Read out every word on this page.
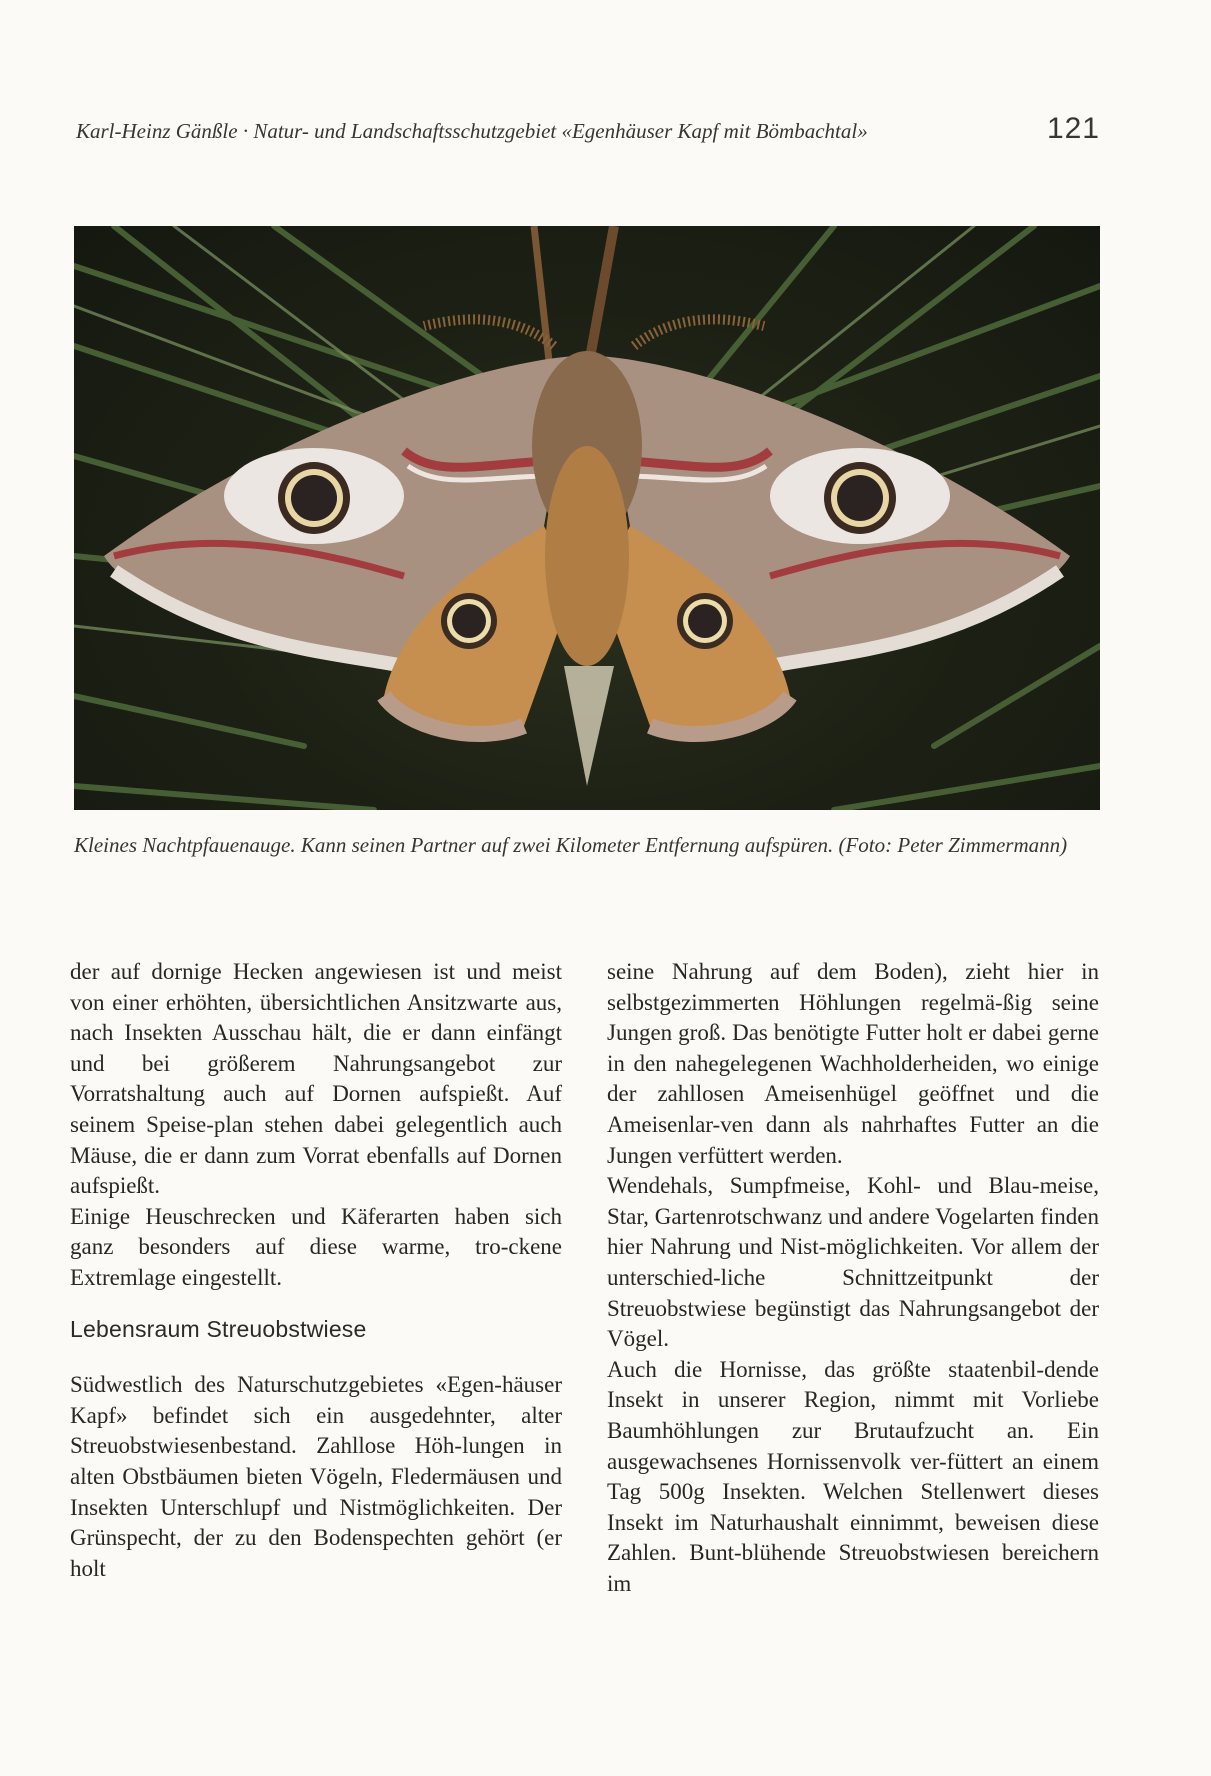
Karl-Heinz Gänßle · Natur- und Landschaftsschutzgebiet «Egenhäuser Kapf mit Bömbachtal»	121
Kleines Nachtpfauenauge. Kann seinen Partner auf zwei Kilometer Entfernung aufspüren. (Foto: Peter Zimmermann)

der auf dornige Hecken angewiesen ist und meist von einer erhöhten, übersichtlichen Ansitzwarte aus, nach Insekten Ausschau hält, die er dann einfängt und bei größerem Nahrungsangebot zur Vorratshaltung auch auf Dornen aufspießt. Auf seinem Speise-plan stehen dabei gelegentlich auch Mäuse, die er dann zum Vorrat ebenfalls auf Dornen aufspießt.

Einige Heuschrecken und Käferarten haben sich ganz besonders auf diese warme, tro-ckene Extremlage eingestellt.

Lebensraum Streuobstwiese

Südwestlich des Naturschutzgebietes «Egen-häuser Kapf» befindet sich ein ausgedehnter, alter Streuobstwiesenbestand. Zahllose Höh-lungen in alten Obstbäumen bieten Vögeln, Fledermäusen und Insekten Unterschlupf und Nistmöglichkeiten. Der Grünspecht, der zu den Bodenspechten gehört (er holt

seine Nahrung auf dem Boden), zieht hier in selbstgezimmerten Höhlungen regelmä-ßig seine Jungen groß. Das benötigte Futter holt er dabei gerne in den nahegelegenen Wachholderheiden, wo einige der zahllosen Ameisenhügel geöffnet und die Ameisenlar-ven dann als nahrhaftes Futter an die Jungen verfüttert werden.

Wendehals, Sumpfmeise, Kohl- und Blau-meise, Star, Gartenrotschwanz und andere Vogelarten finden hier Nahrung und Nist-möglichkeiten. Vor allem der unterschied-liche Schnittzeitpunkt der Streuobstwiese begünstigt das Nahrungsangebot der Vögel.

Auch die Hornisse, das größte staatenbil-dende Insekt in unserer Region, nimmt mit Vorliebe Baumhöhlungen zur Brutaufzucht an. Ein ausgewachsenes Hornissenvolk ver-füttert an einem Tag 500g Insekten. Welchen Stellenwert dieses Insekt im Naturhaushalt einnimmt, beweisen diese Zahlen. Bunt-blühende Streuobstwiesen bereichern im
